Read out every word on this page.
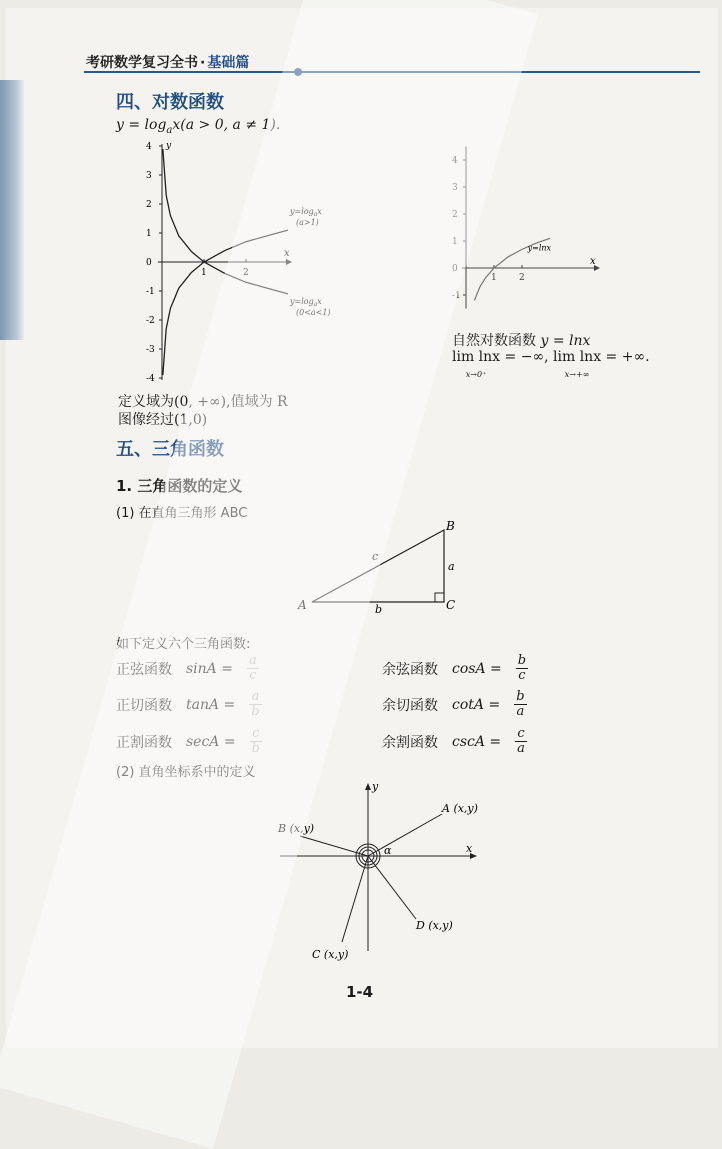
考研数学复习全书 · 基础篇
四、对数函数
$y = \log_ax(a > 0$, a ≠ 1).
y
x
4
3
2
1
0
-1
-2
-3
-4
1	2
$y=\log_ax$
(a>1)
$y=\log_ax$
(0<a<1)
定义域为(0, +∞),值域为 R
图像经过(1,0)
x
4
3
2
1
0
-1
1 2
y=lnx
自然对数函数 y = lnx
lim lnx
x→0⁺ = −∞, lim lnx
x→+∞ = +∞.
五、三角函数
1. 三角函数的定义
(1) 在直角三角形 ABC
A
B
C
a
b
c
如下定义六个三角函数:
正弦函数 $\sin A = \frac{a}{c}$	余弦函数 $\cos A = \frac{b}{c}$
正切函数 $\tan A = \frac{a}{b}$	余切函数 $\cot A = \frac{b}{a}$
正割函数 $\sec A = \frac{c}{b}$	余割函数 $\csc A = \frac{c}{a}$
(2) 直角坐标系中的定义
x
y
α
A (x,y)
B (x,y)
C (x,y)
D (x,y)
1-4
